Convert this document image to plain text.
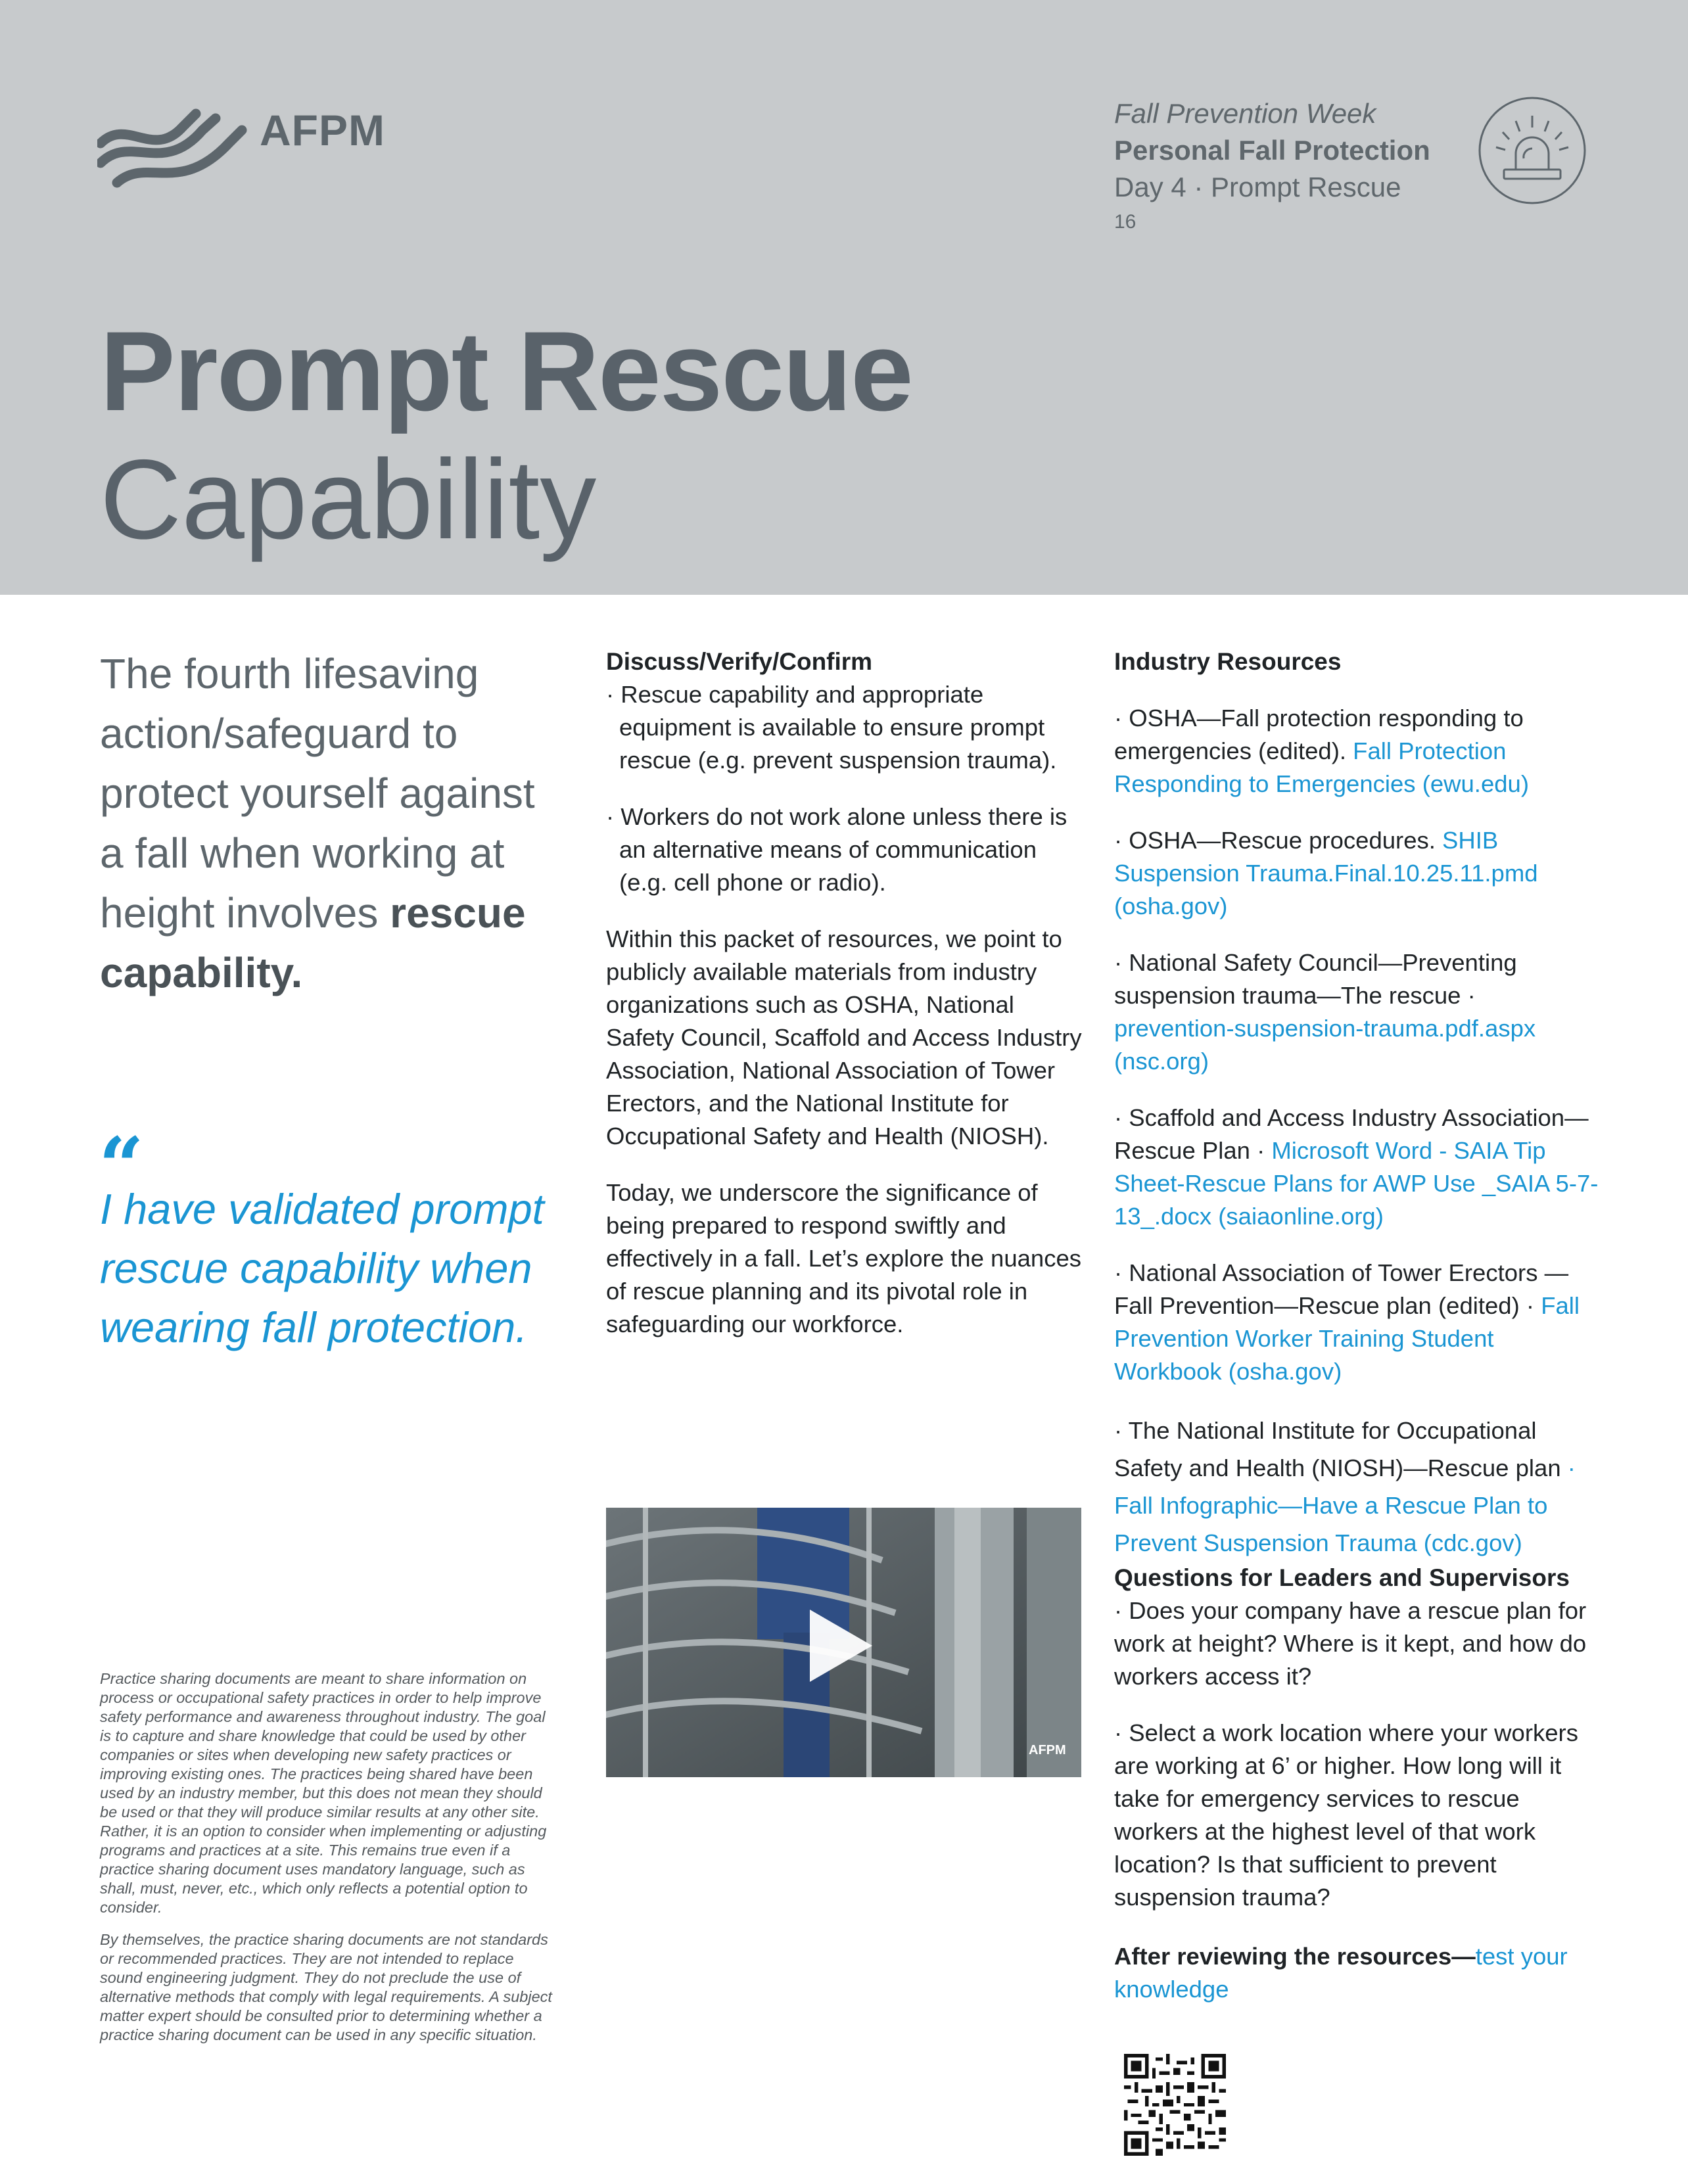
AFPM	Fall Prevention Week
Personal Fall Protection
Day 4 · Prompt Rescue
16
Prompt Rescue
Capability
The fourth lifesaving action/safeguard to protect yourself against a fall when working at height involves rescue capability.
“
I have validated prompt rescue capability when wearing fall protection.

Practice sharing documents are meant to share information on process or occupational safety practices in order to help improve safety performance and awareness throughout industry. The goal is to capture and share knowledge that could be used by other companies or sites when developing new safety practices or improving existing ones. The practices being shared have been used by an industry member, but this does not mean they should be used or that they will produce similar results at any other site. Rather, it is an option to consider when implementing or adjusting programs and practices at a site. This remains true even if a practice sharing document uses mandatory language, such as shall, must, never, etc., which only reflects a potential option to consider.

By themselves, the practice sharing documents are not standards or recommended practices. They are not intended to replace sound engineering judgment. They do not preclude the use of alternative methods that comply with legal requirements. A subject matter expert should be consulted prior to determining whether a practice sharing document can be used in any specific situation.

Discuss/Verify/Confirm

· Rescue capability and appropriate equipment is available to ensure prompt rescue (e.g. prevent suspension trauma).

· Workers do not work alone unless there is an alternative means of communication (e.g. cell phone or radio).

Within this packet of resources, we point to publicly available materials from industry organizations such as OSHA, National Safety Council, Scaffold and Access Industry Association, National Association of Tower Erectors, and the National Institute for Occupational Safety and Health (NIOSH).

Today, we underscore the significance of being prepared to respond swiftly and effectively in a fall. Let’s explore the nuances of rescue planning and its pivotal role in safeguarding our workforce.

AFPM

Industry Resources

· OSHA—Fall protection responding to emergencies (edited). Fall Protection Responding to Emergencies (ewu.edu)

· OSHA—Rescue procedures. SHIB Suspension Trauma.Final.10.25.11.pmd (osha.gov)

· National Safety Council—Preventing suspension trauma—The rescue · prevention-suspension-trauma.pdf.aspx (nsc.org)

· Scaffold and Access Industry Association—Rescue Plan · Microsoft Word - SAIA Tip Sheet-Rescue Plans for AWP Use _SAIA 5-7-13_.docx (saiaonline.org)

· National Association of Tower Erectors —Fall Prevention—Rescue plan (edited) · Fall Prevention Worker Training Student Workbook (osha.gov)

· The National Institute for Occupational Safety and Health (NIOSH)—Rescue plan · Fall Infographic—Have a Rescue Plan to Prevent Suspension Trauma (cdc.gov)

Questions for Leaders and Supervisors

· Does your company have a rescue plan for work at height? Where is it kept, and how do workers access it?

· Select a work location where your workers are working at 6’ or higher. How long will it take for emergency services to rescue workers at the highest level of that work location? Is that sufficient to prevent suspension trauma?

After reviewing the resources—test your knowledge
